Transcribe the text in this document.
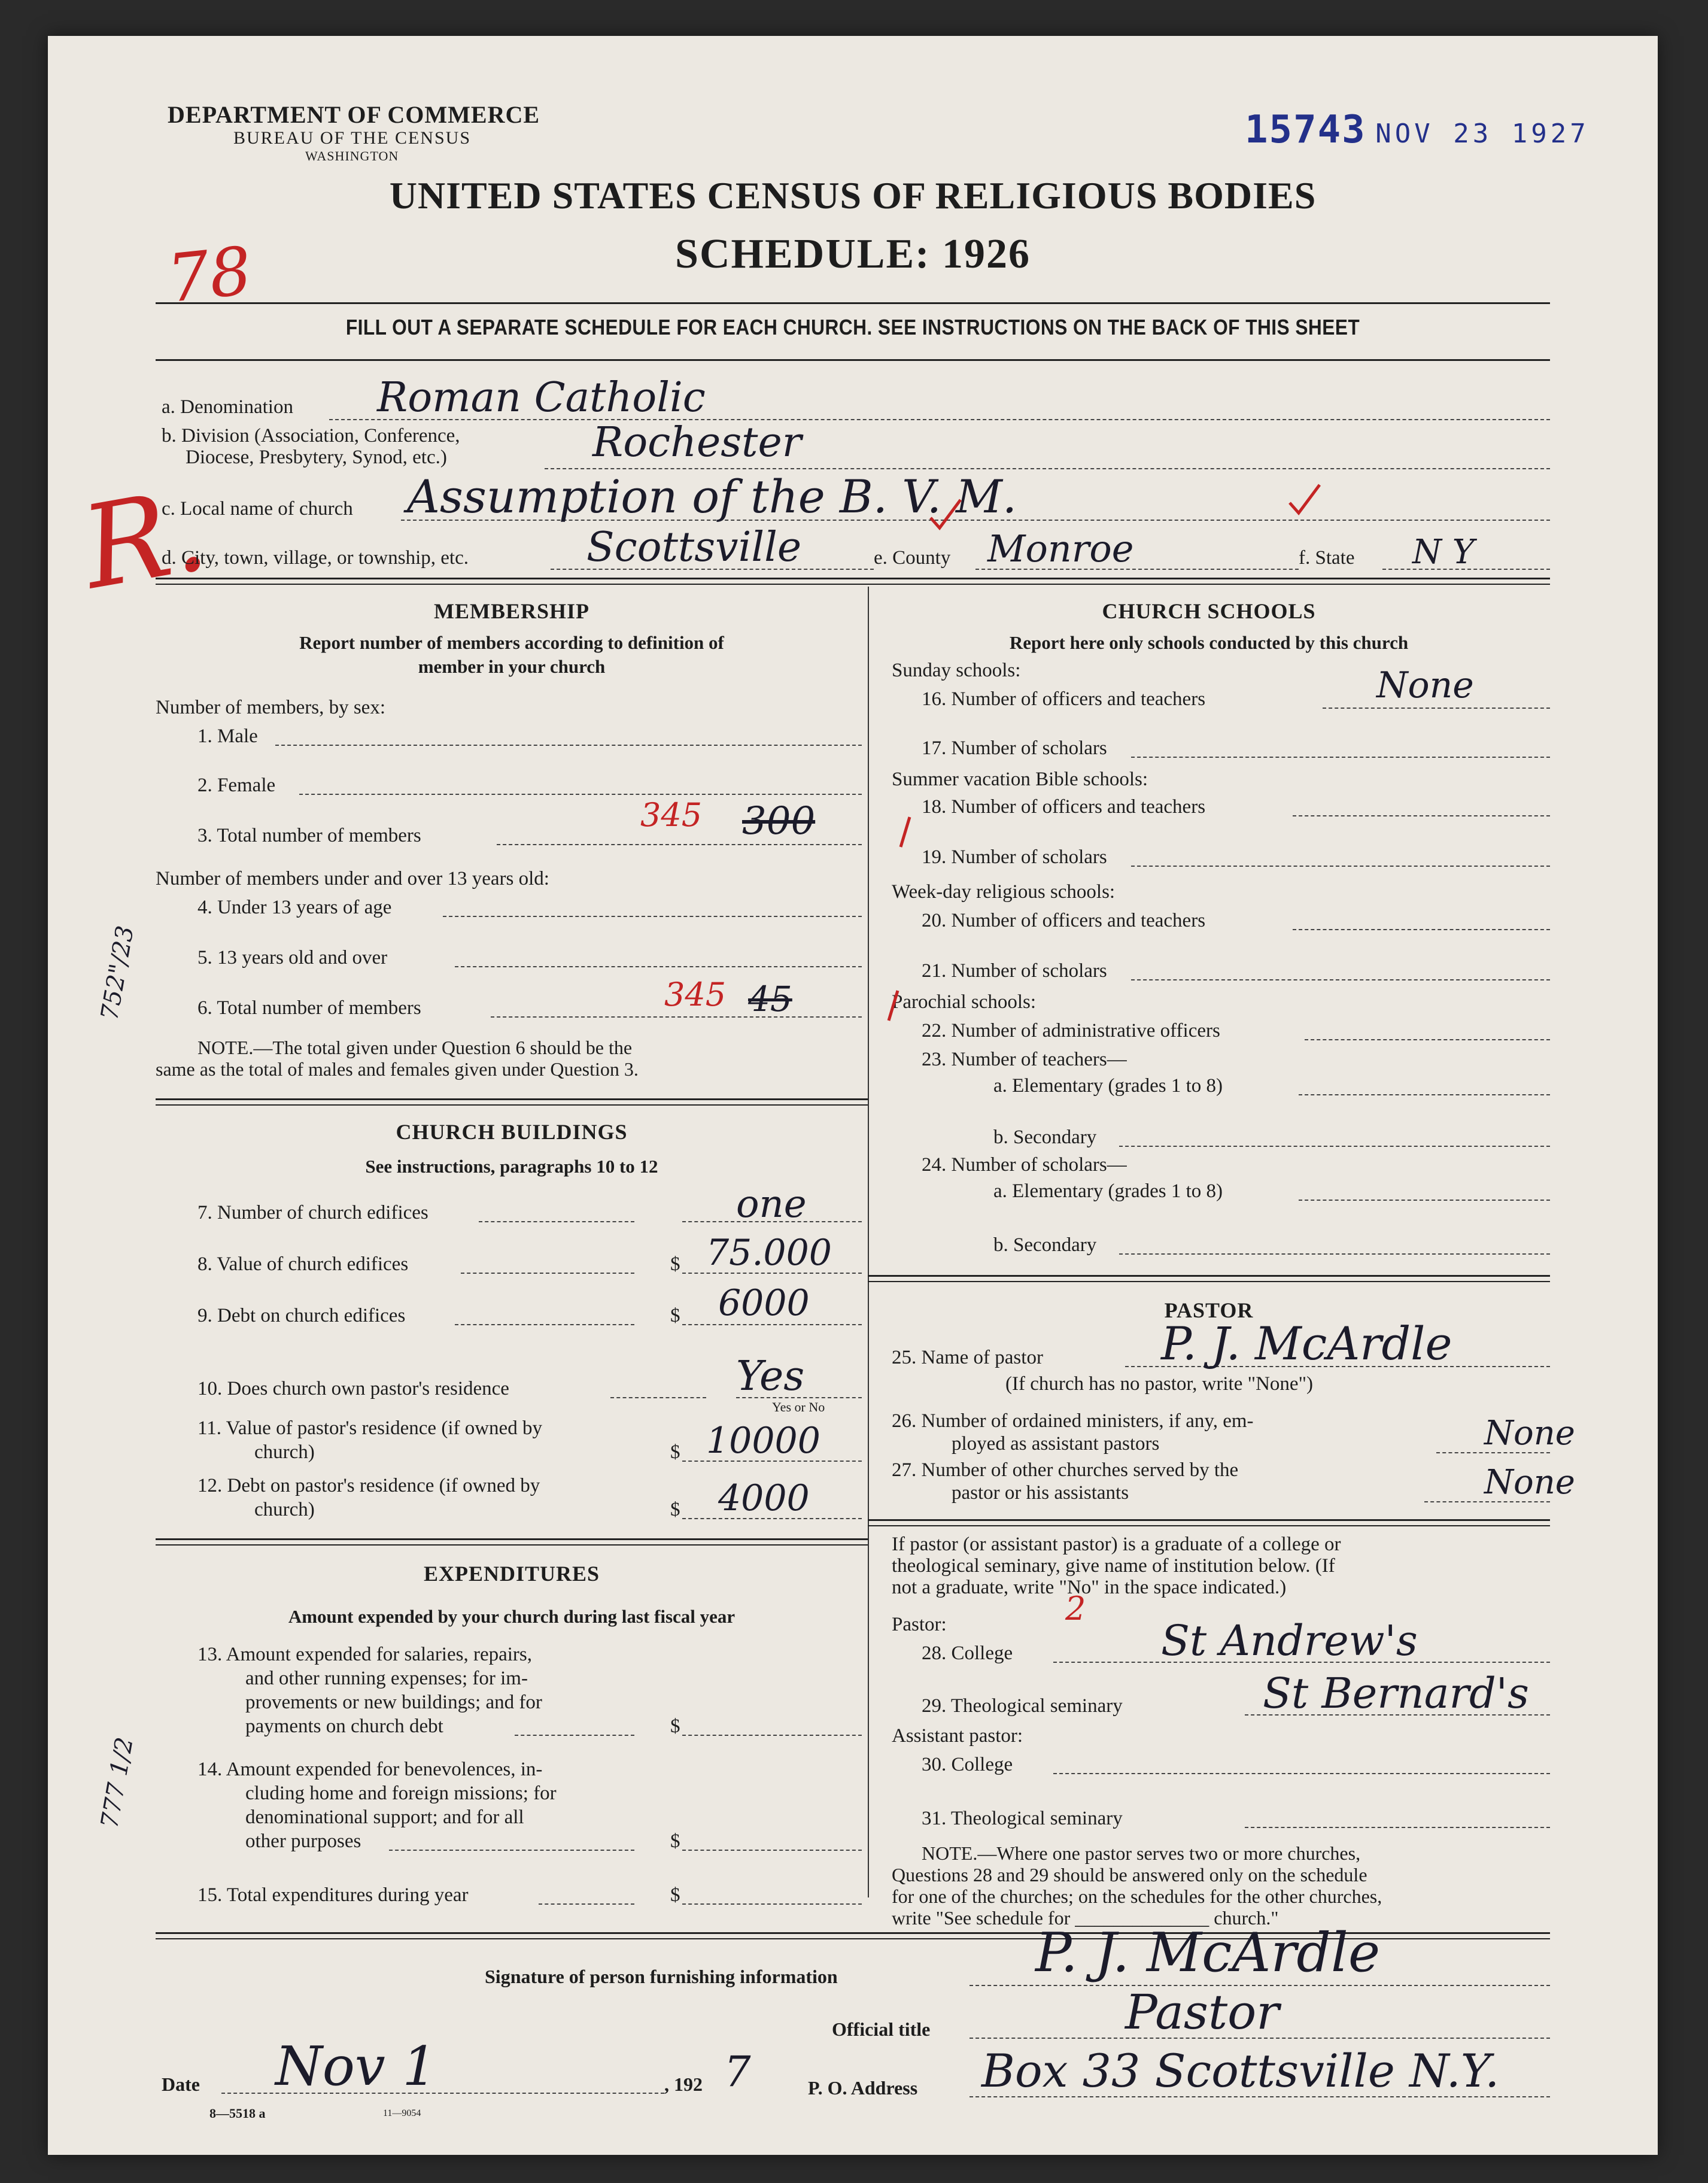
DEPARTMENT OF COMMERCE
BUREAU OF THE CENSUS
WASHINGTON
15743 NOV 23 1927
UNITED STATES CENSUS OF RELIGIOUS BODIES
SCHEDULE: 1926
78
R.
FILL OUT A SEPARATE SCHEDULE FOR EACH CHURCH. SEE INSTRUCTIONS ON THE BACK OF THIS SHEET
a. Denomination Roman Catholic
b. Division (Association, Conference,
Diocese, Presbytery, Synod, etc.)	Rochester
c. Local name of church Assumption of the B. V. M.
d. City, town, village, or township, etc.	Scottsville	e. County Monroe	f. State N Y
MEMBERSHIP
Report number of members according to definition of
member in your church
Number of members, by sex:
1. Male
2. Female
3. Total number of members
345 300
Number of members under and over 13 years old:
4. Under 13 years of age
5. 13 years old and over
6. Total number of members	345 45
NOTE.—The total given under Question 6 should be the
same as the total of males and females given under Question 3.
752"/23
CHURCH BUILDINGS
See instructions, paragraphs 10 to 12
7. Number of church edifices	one
8. Value of church edifices	$ 75.000
9. Debt on church edifices	$ 6000
10. Does church own pastor's residence	Yes
Yes or No
11. Value of pastor's residence (if owned by
church)	$ 10000
12. Debt on pastor's residence (if owned by
church)	$ 4000
EXPENDITURES
Amount expended by your church during last fiscal year
13. Amount expended for salaries, repairs,
and other running expenses; for im-
provements or new buildings; and for
payments on church debt	$
14. Amount expended for benevolences, in-
cluding home and foreign missions; for
denominational support; and for all
other purposes	$
15. Total expenditures during year	$
777 1/2
CHURCH SCHOOLS
Report here only schools conducted by this church
Sunday schools:
16. Number of officers and teachers	None
17. Number of scholars
Summer vacation Bible schools:
18. Number of officers and teachers
19. Number of scholars
Week-day religious schools:
20. Number of officers and teachers
21. Number of scholars
Parochial schools:
22. Number of administrative officers
23. Number of teachers—
a. Elementary (grades 1 to 8)
b. Secondary
24. Number of scholars—
a. Elementary (grades 1 to 8)
b. Secondary
PASTOR
25. Name of pastor	P. J. McArdle
(If church has no pastor, write "None")
26. Number of ordained ministers, if any, em-
ployed as assistant pastors	None
27. Number of other churches served by the
pastor or his assistants	None
If pastor (or assistant pastor) is a graduate of a college or
theological seminary, give name of institution below. (If
not a graduate, write "No" in the space indicated.)
Pastor:	2
28. College	St Andrew's
29. Theological seminary	St Bernard's
Assistant pastor:
30. College
31. Theological seminary
NOTE.—Where one pastor serves two or more churches,
Questions 28 and 29 should be answered only on the schedule
for one of the churches; on the schedules for the other churches,
write "See schedule for ______________ church."
Signature of person furnishing information	P. J. McArdle
Official title	Pastor
Date Nov 1	, 192 7	P. O. Address Box 33 Scottsville N.Y.
8—5518 a	11—9054
